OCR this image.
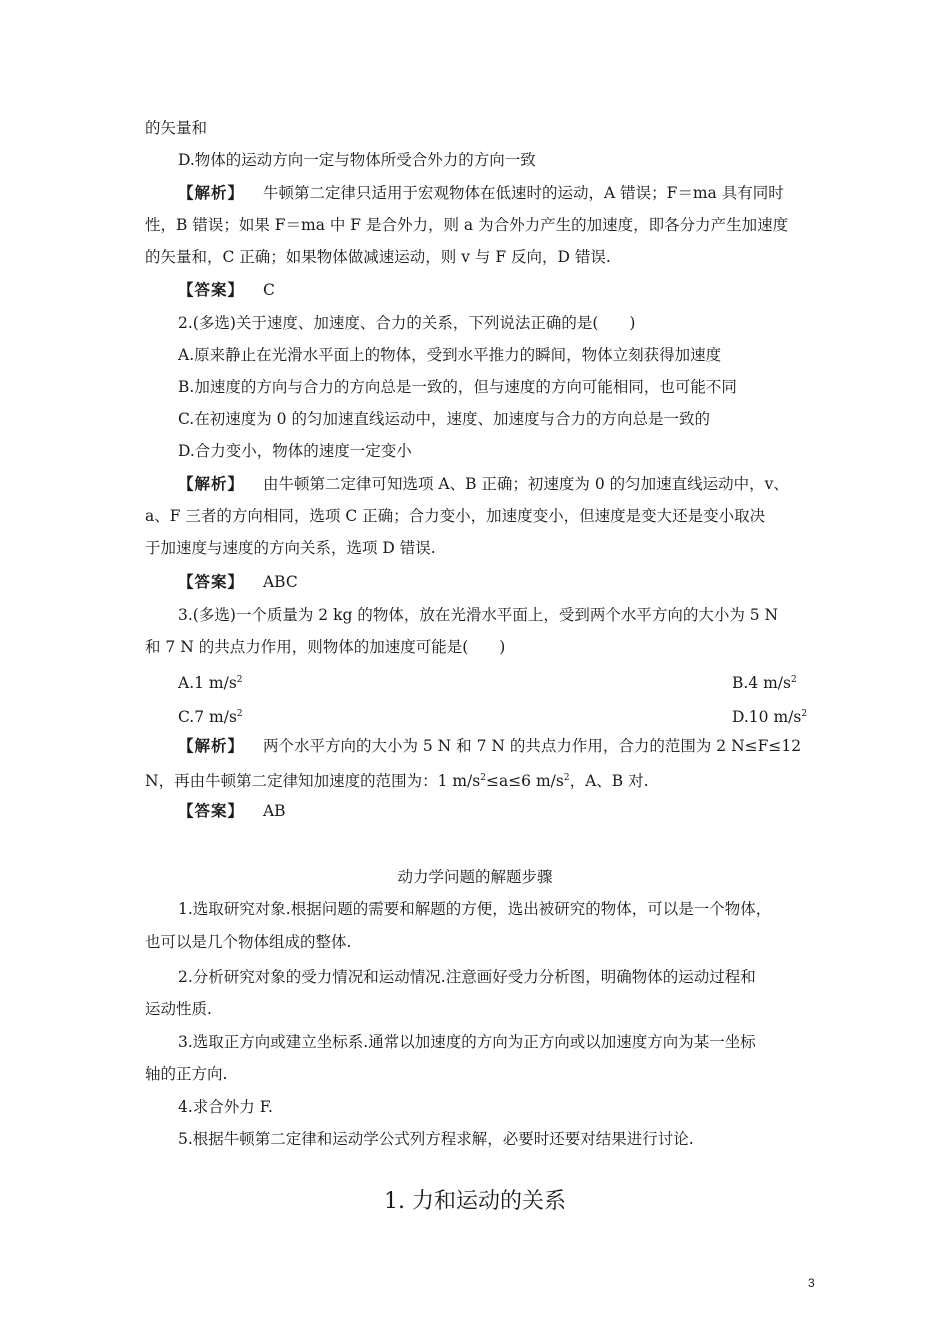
的矢量和
D.物体的运动方向一定与物体所受合外力的方向一致
【解析】 牛顿第二定律只适用于宏观物体在低速时的运动，A 错误；F＝ma 具有同时
性，B 错误；如果 F＝ma 中 F 是合外力，则 a 为合外力产生的加速度，即各分力产生加速度
的矢量和，C 正确；如果物体做减速运动，则 v 与 F 反向，D 错误.
【答案】 C
2.(多选)关于速度、加速度、合力的关系，下列说法正确的是(　　)
A.原来静止在光滑水平面上的物体，受到水平推力的瞬间，物体立刻获得加速度
B.加速度的方向与合力的方向总是一致的，但与速度的方向可能相同，也可能不同
C.在初速度为 0 的匀加速直线运动中，速度、加速度与合力的方向总是一致的
D.合力变小，物体的速度一定变小
【解析】 由牛顿第二定律可知选项 A、B 正确；初速度为 0 的匀加速直线运动中，v、
a、F 三者的方向相同，选项 C 正确；合力变小，加速度变小，但速度是变大还是变小取决
于加速度与速度的方向关系，选项 D 错误.
【答案】 ABC
3.(多选)一个质量为 2 kg 的物体，放在光滑水平面上，受到两个水平方向的大小为 5 N
和 7 N 的共点力作用，则物体的加速度可能是(　　)
A.1 $m/s^2$	B.4 $m/s^2$
C.7 $m/s^2$	D.10 $m/s^2$
【解析】 两个水平方向的大小为 5 N 和 7 N 的共点力作用，合力的范围为 2 N≤F≤12
N，再由牛顿第二定律知加速度的范围为：1 $m/s^2\le a\le 6$ $m/s^2$，A、B 对.
【答案】 AB
动力学问题的解题步骤
1.选取研究对象.根据问题的需要和解题的方便，选出被研究的物体，可以是一个物体，
也可以是几个物体组成的整体.
2.分析研究对象的受力情况和运动情况.注意画好受力分析图，明确物体的运动过程和
运动性质.
3.选取正方向或建立坐标系.通常以加速度的方向为正方向或以加速度方向为某一坐标
轴的正方向.
4.求合外力 F.
5.根据牛顿第二定律和运动学公式列方程求解，必要时还要对结果进行讨论.
1. 力和运动的关系
3
